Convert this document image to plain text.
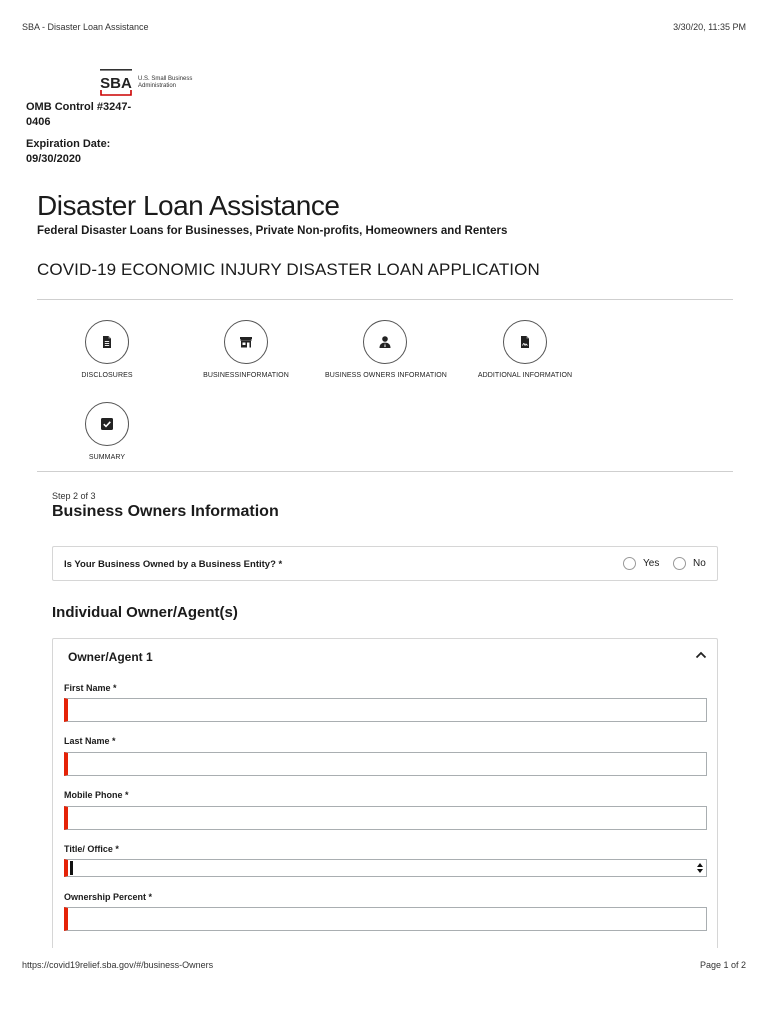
SBA - Disaster Loan Assistance	3/30/20, 11:35 PM
SBA U.S. Small Business
Administration
OMB Control #3247-0406
Expiration Date: 09/30/2020
Disaster Loan Assistance
Federal Disaster Loans for Businesses, Private Non-profits, Homeowners and Renters
COVID-19 ECONOMIC INJURY DISASTER LOAN APPLICATION
DISCLOSURES	BUSINESSINFORMATION	BUSINESS OWNERS INFORMATION	ADDITIONAL INFORMATION
SUMMARY
Step 2 of 3
Business Owners Information
Is Your Business Owned by a Business Entity? *	Yes	No
Individual Owner/Agent(s)
Owner/Agent 1
First Name *
Last Name *
Mobile Phone *
Title/ Office *
Ownership Percent *
https://covid19relief.sba.gov/#/business-Owners	Page 1 of 2
